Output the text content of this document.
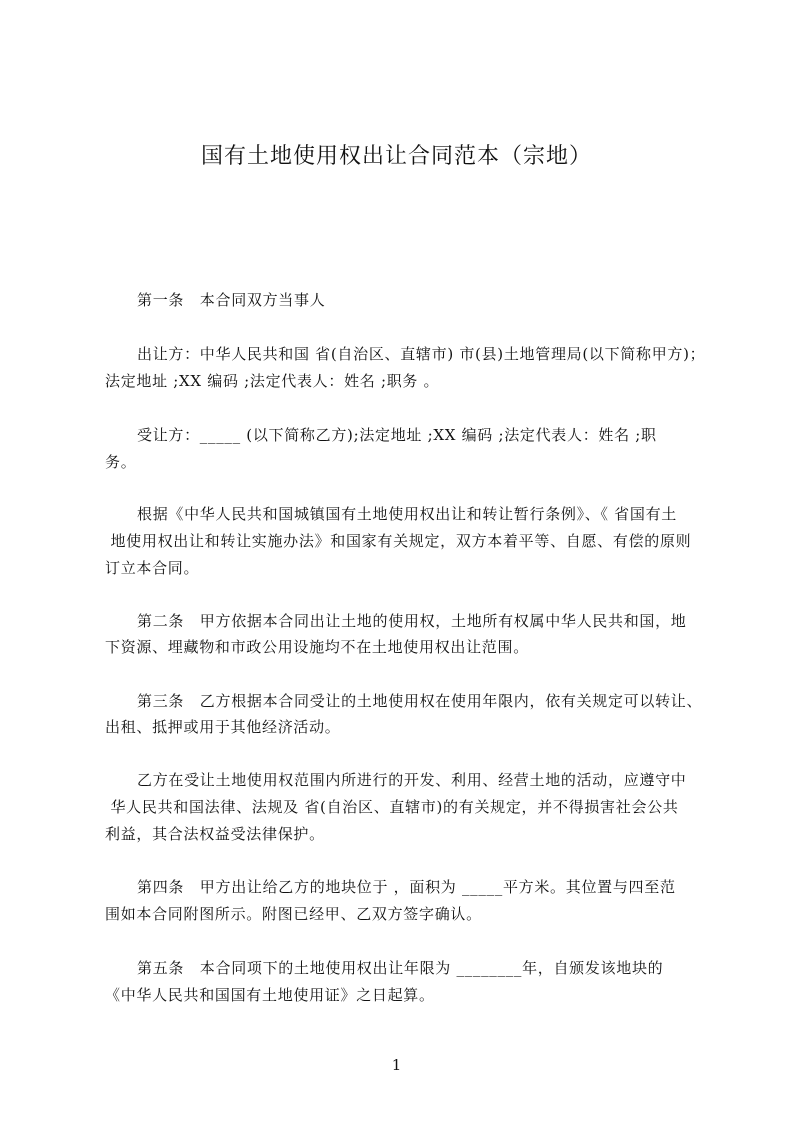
国有土地使用权出让合同范本（宗地）
第一条　本合同双方当事人
出让方：中华人民共和国 省(自治区、直辖市) 市(县)土地管理局(以下简称甲方)；
法定地址 ;XX 编码 ;法定代表人：姓名 ;职务 。
受让方：_____ (以下简称乙方);法定地址 ;XX 编码 ;法定代表人：姓名 ;职
务。
根据《中华人民共和国城镇国有土地使用权出让和转让暂行条例》、《 省国有土
地使用权出让和转让实施办法》和国家有关规定，双方本着平等、自愿、有偿的原则
订立本合同。
第二条　甲方依据本合同出让土地的使用权，土地所有权属中华人民共和国，地
下资源、埋藏物和市政公用设施均不在土地使用权出让范围。
第三条　乙方根据本合同受让的土地使用权在使用年限内，依有关规定可以转让、
出租、抵押或用于其他经济活动。
乙方在受让土地使用权范围内所进行的开发、利用、经营土地的活动，应遵守中
华人民共和国法律、法规及 省(自治区、直辖市)的有关规定，并不得损害社会公共
利益，其合法权益受法律保护。
第四条　甲方出让给乙方的地块位于 ，面积为 _____平方米。其位置与四至范
围如本合同附图所示。附图已经甲、乙双方签字确认。
第五条　本合同项下的土地使用权出让年限为 ________年，自颁发该地块的
《中华人民共和国国有土地使用证》之日起算。
1
